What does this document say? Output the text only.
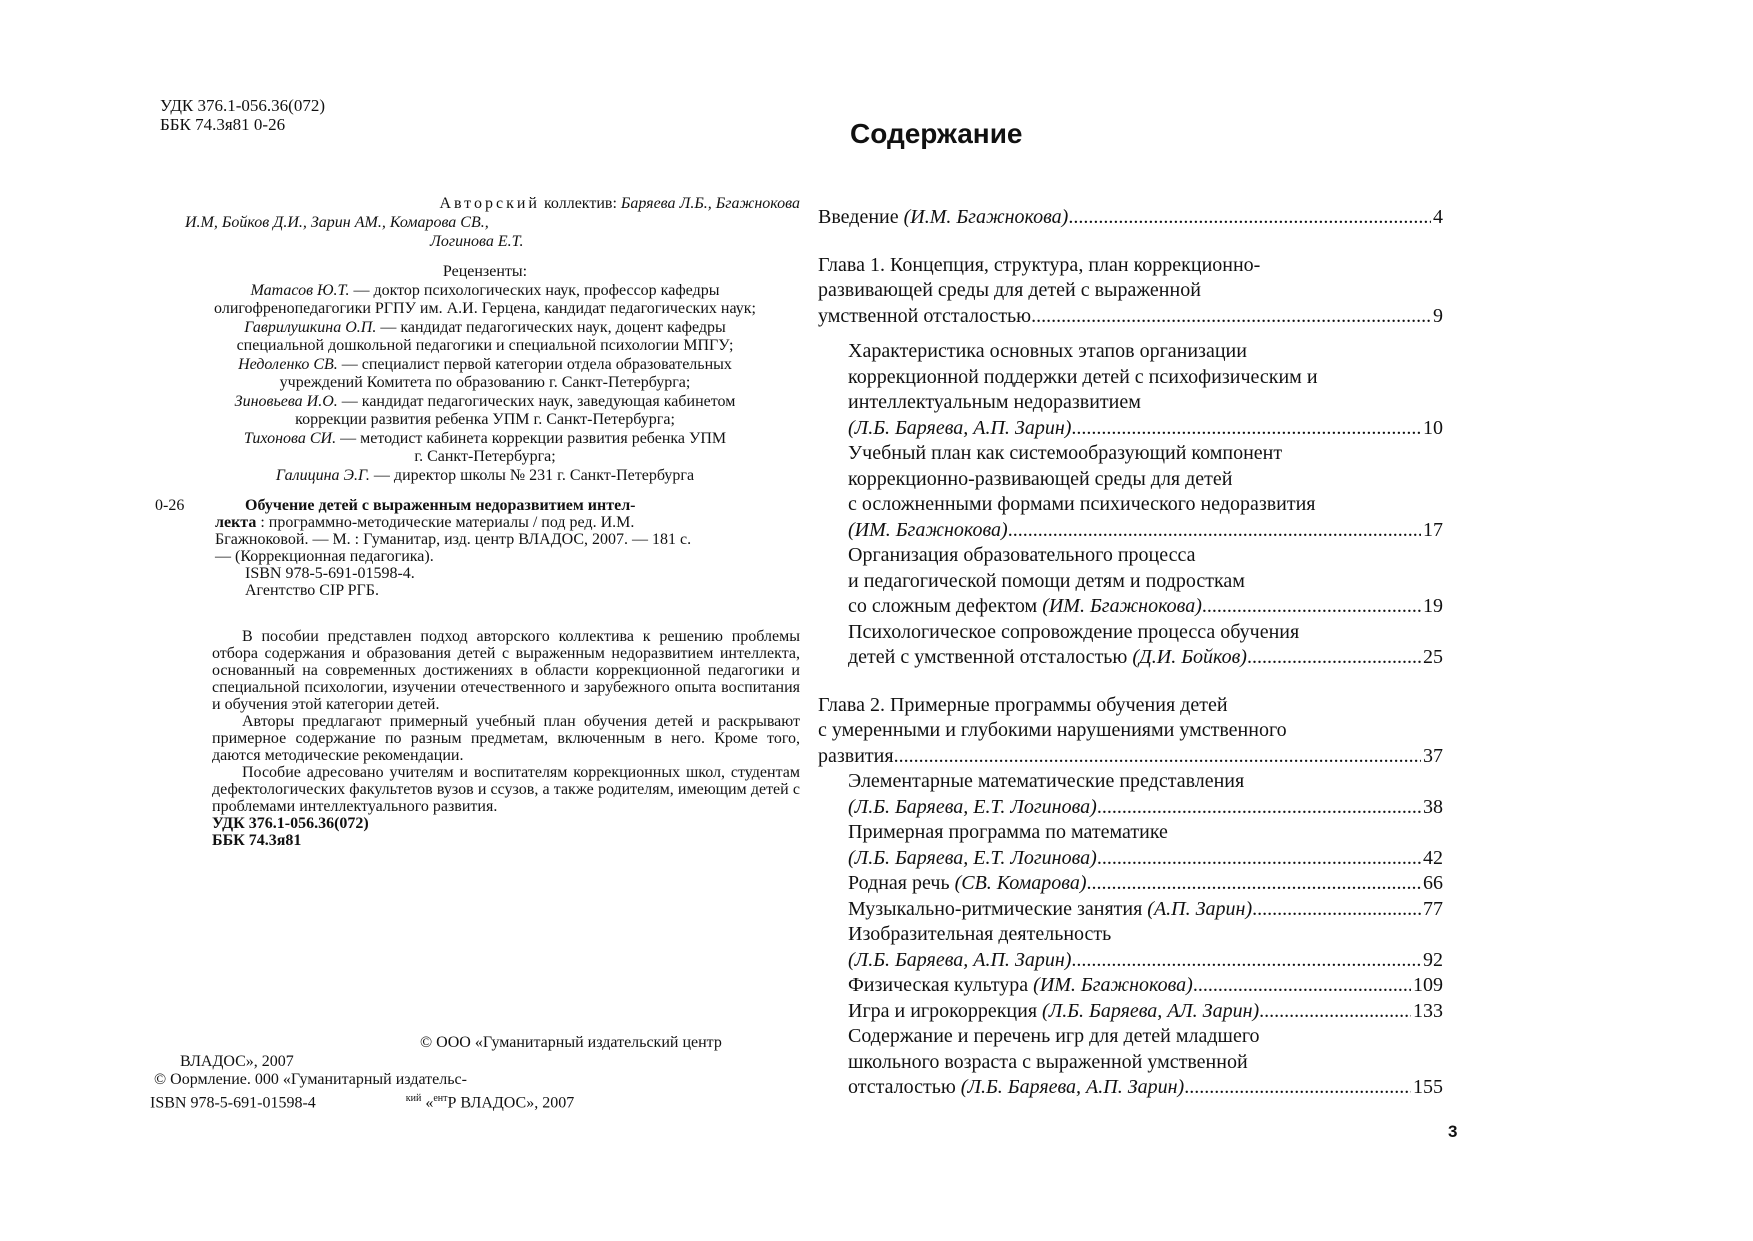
УДК 376.1-056.36(072)
ББК 74.3я81 0-26
Авторский коллектив: Баряева Л.Б., Бгажнокова
И.М, Бойков Д.И., Зарин АМ., Комарова СВ.,
Логинова Е.Т.
Рецензенты:
Матасов Ю.Т. — доктор психологических наук, профессор кафедры
олигофренопедагогики РГПУ им. А.И. Герцена, кандидат педагогических наук;
Гаврилушкина О.П. — кандидат педагогических наук, доцент кафедры
специальной дошкольной педагогики и специальной психологии МПГУ;
Недоленко СВ. — специалист первой категории отдела образовательных
учреждений Комитета по образованию г. Санкт-Петербурга;
Зиновьева И.О. — кандидат педагогических наук, заведующая кабинетом
коррекции развития ребенка УПМ г. Санкт-Петербурга;
Тихонова СИ. — методист кабинета коррекции развития ребенка УПМ
г. Санкт-Петербурга;
Галицина Э.Г. — директор школы № 231 г. Санкт-Петербурга
0-26	Обучение детей с выраженным недоразвитием интел-
лекта : программно-методические материалы / под ред. И.М.
Бгажноковой. — М. : Гуманитар, изд. центр ВЛАДОС, 2007. — 181 с.
— (Коррекционная педагогика).
ISBN 978-5-691-01598-4.
Агентство CIP РГБ.

В пособии представлен подход авторского коллектива к решению проблемы отбора содержания и образования детей с выраженным недоразвитием интеллекта, основанный на современных достижениях в области коррекционной педагогики и специальной психологии, изучении отечественного и зарубежного опыта воспитания и обучения этой категории детей.

Авторы предлагают примерный учебный план обучения детей и раскрывают примерное содержание по разным предметам, включенным в него. Кроме того, даются методические рекомендации.

Пособие адресовано учителям и воспитателям коррекционных школ, студентам дефектологических факультетов вузов и ссузов, а также родителям, имеющим детей с проблемами интеллектуального развития.

УДК 376.1-056.36(072)
ББК 74.3я81
© ООО «Гуманитарный издательский центр
ВЛАДОС», 2007
© Оормление. 000 «Гуманитарный издательс-
ISBN 978-5-691-01598-4	$^{кий}$ «$^{ент}$Р ВЛАДОС», 2007
Содержание
Введение (И.М. Бгажнокова) .....	4
Глава 1. Концепция, структура, план коррекционно-
развивающей среды для детей с выраженной
умственной отсталостью .....	9
Характеристика основных этапов организации
коррекционной поддержки детей с психофизическим и
интеллектуальным недоразвитием
(Л.Б. Баряева, А.П. Зарин) .....	10
Учебный план как системообразующий компонент
коррекционно-развивающей среды для детей
с осложненными формами психического недоразвития
(ИМ. Бгажнокова) .....	17
Организация образовательного процесса
и педагогической помощи детям и подросткам
со сложным дефектом (ИМ. Бгажнокова) .....	19
Психологическое сопровождение процесса обучения
детей с умственной отсталостью (Д.И. Бойков) .....	25
Глава 2. Примерные программы обучения детей
с умеренными и глубокими нарушениями умственного
развития .....	37
Элементарные математические представления
(Л.Б. Баряева, Е.Т. Логинова) .....	38
Примерная программа по математике
(Л.Б. Баряева, Е.Т. Логинова) .....	42
Родная речь (СВ. Комарова) .....	66
Музыкально-ритмические занятия (А.П. Зарин) .....	77
Изобразительная деятельность
(Л.Б. Баряева, А.П. Зарин) .....	92
Физическая культура (ИМ. Бгажнокова) .....	109
Игра и игрокоррекция (Л.Б. Баряева, АЛ. Зарин) .....	133
Содержание и перечень игр для детей младшего
школьного возраста с выраженной умственной
отсталостью (Л.Б. Баряева, А.П. Зарин) .....	155
3
